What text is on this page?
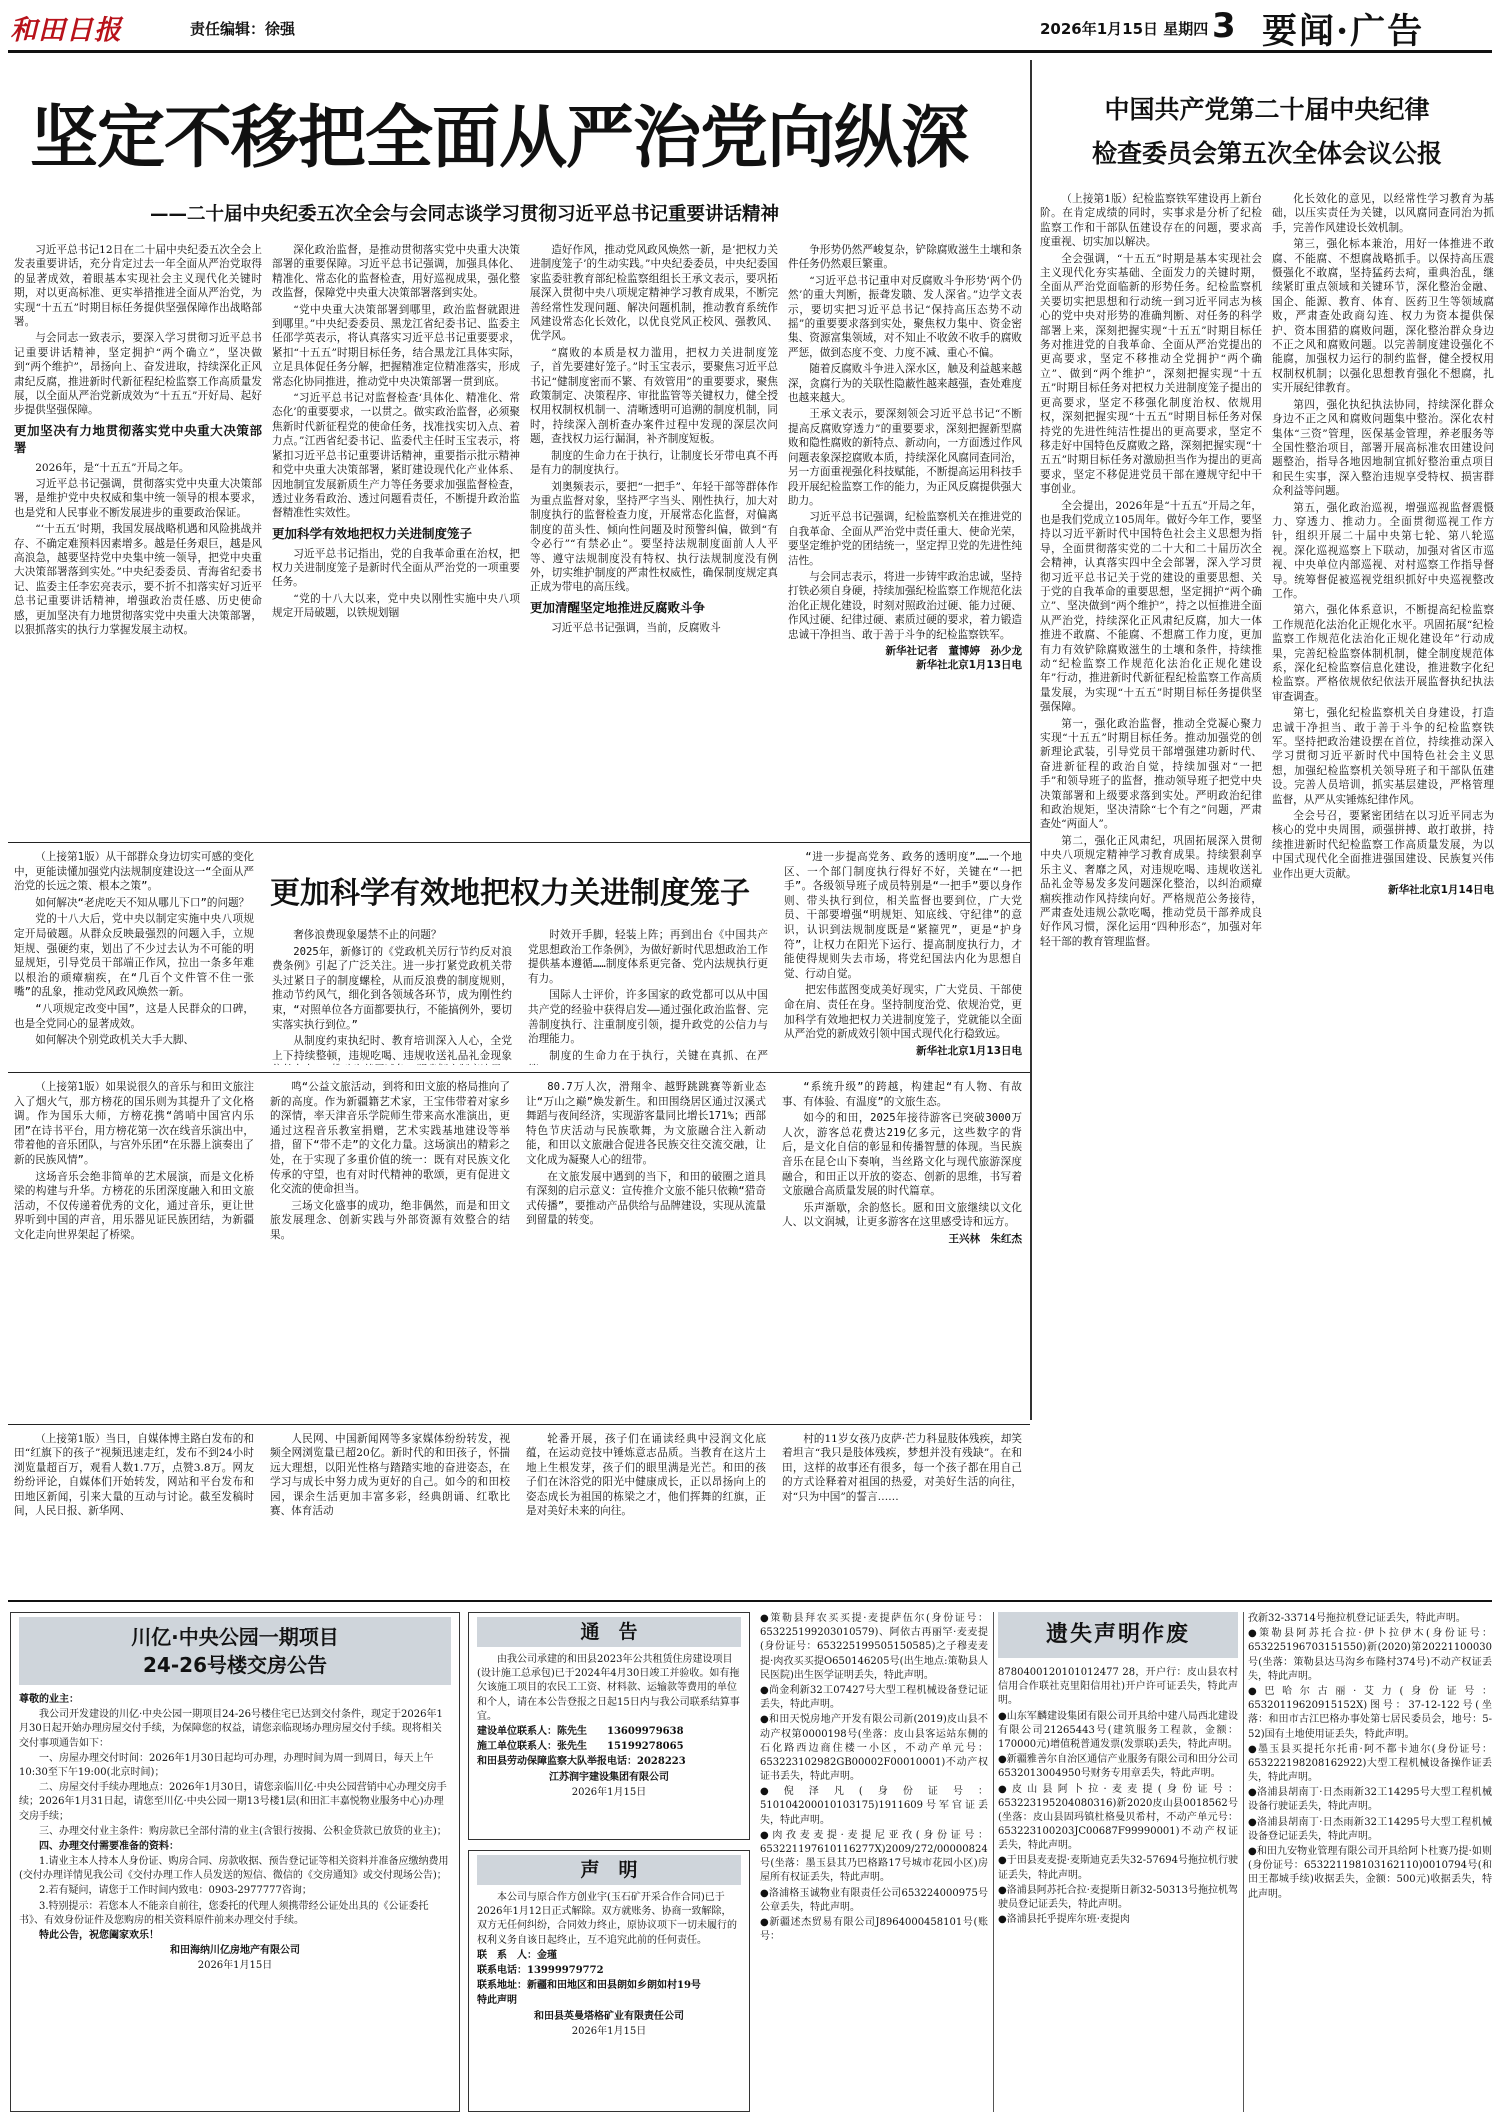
和田日报	责任编辑：徐强	2026年1月15日 星期四 3 要闻·广告
坚定不移把全面从严治党向纵深
——二十届中央纪委五次全会与会同志谈学习贯彻习近平总书记重要讲话精神

习近平总书记12日在二十届中央纪委五次全会上发表重要讲话，充分肯定过去一年全面从严治党取得的显著成效，着眼基本实现社会主义现代化关键时期，对以更高标准、更实举措推进全面从严治党，为实现“十五五”时期目标任务提供坚强保障作出战略部署。

与会同志一致表示，要深入学习贯彻习近平总书记重要讲话精神，坚定拥护“两个确立”，坚决做到“两个维护”，昂扬向上、奋发进取，持续深化正风肃纪反腐，推进新时代新征程纪检监察工作高质量发展，以全面从严治党新成效为“十五五”开好局、起好步提供坚强保障。

更加坚决有力地贯彻落实党中央重大决策部署

2026年，是“十五五”开局之年。

习近平总书记强调，贯彻落实党中央重大决策部署，是维护党中央权威和集中统一领导的根本要求，也是党和人民事业不断发展进步的重要政治保证。

“‘十五五’时期，我国发展战略机遇和风险挑战并存、不确定难预料因素增多。越是任务艰巨，越是风高浪急，越要坚持党中央集中统一领导，把党中央重大决策部署落到实处。”中央纪委委员、青海省纪委书记、监委主任李宏亮表示，要不折不扣落实好习近平总书记重要讲话精神，增强政治责任感、历史使命感，更加坚决有力地贯彻落实党中央重大决策部署，以狠抓落实的执行力掌握发展主动权。

深化政治监督，是推动贯彻落实党中央重大决策部署的重要保障。习近平总书记强调，加强具体化、精准化、常态化的监督检查，用好巡视成果，强化整改监督，保障党中央重大决策部署落到实处。

“党中央重大决策部署到哪里，政治监督就跟进到哪里。”中央纪委委员、黑龙江省纪委书记、监委主任邵学英表示，将认真落实习近平总书记重要要求，紧扣“十五五”时期目标任务，结合黑龙江具体实际，立足具体促任务分解，把握精准定位精准落实，形成常态化协同推进，推动党中央决策部署一贯到底。

“习近平总书记对监督检查‘具体化、精准化、常态化’的重要要求，一以贯之。做实政治监督，必须聚焦新时代新征程党的使命任务，找准找实切入点、着力点。”江西省纪委书记、监委代主任时玉宝表示，将紧扣习近平总书记重要讲话精神，重要指示批示精神和党中央重大决策部署，紧盯建设现代化产业体系、因地制宜发展新质生产力等任务要求加强监督检查，透过业务看政治、透过问题看责任，不断提升政治监督精准性实效性。

更加科学有效地把权力关进制度笼子

习近平总书记指出，党的自我革命重在治权，把权力关进制度笼子是新时代全面从严治党的一项重要任务。

“党的十八大以来，党中央以刚性实施中央八项规定开局破题，以铁规划锢

造好作风，推动党风政风焕然一新，是‘把权力关进制度笼子’的生动实践。”中央纪委委员，中央纪委国家监委驻教育部纪检监察组组长王承文表示，要巩拓展深入贯彻中央八项规定精神学习教育成果，不断完善经常性发现问题、解决问题机制，推动教育系统作风建设常态化长效化，以优良党风正校风、强教风、优学风。

“腐败的本质是权力滥用，把权力关进制度笼子，首先要建好笼子。”时玉宝表示，要聚焦习近平总书记“健制度密而不繁、有效管用”的重要要求，聚焦政策制定、决策程序、审批监管等关键权力，健全授权用权制权机制一、清晰透明可追溯的制度机制，同时，持续深入剖析查办案件过程中发现的深层次问题，查找权力运行漏洞，补齐制度短板。

制度的生命力在于执行，让制度长牙带电真不再是有力的制度执行。

刘奥频表示，要把“一把手”、年轻干部等群体作为重点监督对象，坚持严字当头、刚性执行，加大对制度执行的监督检查力度，开展常态化监督，对偏离制度的苗头性、倾向性问题及时预警纠偏，做到“有令必行”“有禁必止”。要坚持法规制度面前人人平等、遵守法规制度没有特权、执行法规制度没有例外，切实维护制度的严肃性权威性，确保制度规定真正成为带电的高压线。

更加清醒坚定地推进反腐败斗争

习近平总书记强调，当前，反腐败斗

争形势仍然严峻复杂，铲除腐败滋生土壤和条件任务仍然艰巨繁重。

“习近平总书记重申对反腐败斗争形势‘两个仍然’的重大判断，振聋发聩、发人深省。”边学文表示，要切实把习近平总书记“保持高压态势不动摇”的重要要求落到实处，聚焦权力集中、资金密集、资源富集领域，对不知止不收敛不收手的腐败严惩，做到态度不变、力度不减、重心不偏。

随着反腐败斗争进入深水区，触及利益越来越深，贪腐行为的关联性隐蔽性越来越强，查处难度也越来越大。

王承文表示，要深刻领会习近平总书记“不断提高反腐败穿透力”的重要要求，深刻把握新型腐败和隐性腐败的新特点、新动向，一方面透过作风问题表象深挖腐败本质，持续深化风腐同查同治，另一方面重视强化科技赋能，不断提高运用科技手段开展纪检监察工作的能力，为正风反腐提供强大助力。

习近平总书记强调，纪检监察机关在推进党的自我革命、全面从严治党中责任重大、使命光荣，要坚定维护党的团结统一，坚定捍卫党的先进性纯洁性。

与会同志表示，将进一步铸牢政治忠诚，坚持打铁必须自身硬，持续加强纪检监察工作规范化法治化正规化建设，时刻对照政治过硬、能力过硬、作风过硬、纪律过硬、素质过硬的要求，着力锻造忠诚干净担当、敢于善于斗争的纪检监察铁军。

新华社记者　董博婷　孙少龙
新华社北京1月13日电
中国共产党第二十届中央纪律
检查委员会第五次全体会议公报

（上接第1版）纪检监察铁军建设再上新台阶。在肯定成绩的同时，实事求是分析了纪检监察工作和干部队伍建设存在的问题，要求高度重视、切实加以解决。

全会强调，“十五五”时期是基本实现社会主义现代化夯实基础、全面发力的关键时期，全面从严治党面临新的形势任务。纪检监察机关要切实把思想和行动统一到习近平同志为核心的党中央对形势的准确判断、对任务的科学部署上来，深刻把握实现“十五五”时期目标任务对推进党的自我革命、全面从严治党提出的更高要求，坚定不移推动全党拥护“两个确立”、做到“两个维护”，深刻把握实现“十五五”时期目标任务对把权力关进制度笼子提出的更高要求，坚定不移强化制度治权、依规用权，深刻把握实现“十五五”时期目标任务对保持党的先进性纯洁性提出的更高要求，坚定不移走好中国特色反腐败之路，深刻把握实现“十五五”时期目标任务对激励担当作为提出的更高要求，坚定不移促进党员干部在遵规守纪中干事创业。

全会提出，2026年是“十五五”开局之年，也是我们党成立105周年。做好今年工作，要坚持以习近平新时代中国特色社会主义思想为指导，全面贯彻落实党的二十大和二十届历次全会精神，认真落实四中全会部署，深入学习贯彻习近平总书记关于党的建设的重要思想、关于党的自我革命的重要思想，坚定拥护“两个确立”、坚决做到“两个维护”，持之以恒推进全面从严治党，持续深化正风肃纪反腐，加大一体推进不敢腐、不能腐、不想腐工作力度，更加有力有效铲除腐败滋生的土壤和条件，持续推动“纪检监察工作规范化法治化正规化建设年”行动，推进新时代新征程纪检监察工作高质量发展，为实现“十五五”时期目标任务提供坚强保障。

第一，强化政治监督，推动全党凝心聚力实现“十五五”时期目标任务。推动加强党的创新理论武装，引导党员干部增强建功新时代、奋进新征程的政治自觉，持续加强对“一把手”和领导班子的监督，推动领导班子把党中央决策部署和上级要求落到实处。严明政治纪律和政治规矩，坚决清除“七个有之”问题，严肃查处“两面人”。

第二，强化正风肃纪，巩固拓展深入贯彻中央八项规定精神学习教育成果。持续狠刹享乐主义、奢靡之风，对违规吃喝、违规收送礼品礼金等易发多发问题深化整治，以纠治顽瘴痼疾推动作风持续向好。严格规范公务接待，严肃查处违规公款吃喝，推动党员干部养成良好作风习惯，深化运用“四种形态”，加强对年轻干部的教育管理监督。

化长效化的意见，以经常性学习教育为基础，以压实责任为关键，以风腐同查同治为抓手，完善作风建设长效机制。

第三，强化标本兼治，用好一体推进不敢腐、不能腐、不想腐战略抓手。以保持高压震慑强化不敢腐，坚持猛药去疴，重典治乱，继续紧盯重点领域和关键环节，深化整治金融、国企、能源、教育、体育、医药卫生等领域腐败，严肃查处政商勾连、权力为资本提供保护、资本围猎的腐败问题，深化整治群众身边不正之风和腐败问题。以完善制度建设强化不能腐，加强权力运行的制约监督，健全授权用权制权机制；以强化思想教育强化不想腐，扎实开展纪律教育。

第四，强化执纪执法协同，持续深化群众身边不正之风和腐败问题集中整治。深化农村集体“三资”管理，医保基金管理，养老服务等全国性整治项目，部署开展高标准农田建设问题整治，指导各地因地制宜抓好整治重点项目和民生实事，深入整治违规享受特权、损害群众利益等问题。

第五，强化政治巡视，增强巡视监督震慑力、穿透力、推动力。全面贯彻巡视工作方针，组织开展二十届中央第七轮、第八轮巡视。深化巡视巡察上下联动，加强对省区市巡视、中央单位内部巡视、对村巡察工作指导督导。统筹督促被巡视党组织抓好中央巡视整改工作。

第六，强化体系意识，不断提高纪检监察工作规范化法治化正规化水平。巩固拓展“纪检监察工作规范化法治化正规化建设年”行动成果，完善纪检监察体制机制，健全制度规范体系，深化纪检监察信息化建设，推进数字化纪检监察。严格依规依纪依法开展监督执纪执法审查调查。

第七，强化纪检监察机关自身建设，打造忠诚干净担当、敢于善于斗争的纪检监察铁军。坚持把政治建设摆在首位，持续推动深入学习贯彻习近平新时代中国特色社会主义思想，加强纪检监察机关领导班子和干部队伍建设。完善人员培训，抓实基层建设，严格管理监督，从严从实锤炼纪律作风。

全会号召，要紧密团结在以习近平同志为核心的党中央周围，顽强拼搏、敢打敢拼，持续推进新时代纪检监察工作高质量发展，为以中国式现代化全面推进强国建设、民族复兴伟业作出更大贡献。

新华社北京1月14日电
更加科学有效地把权力关进制度笼子

（上接第1版）从干部群众身边切实可感的变化中，更能读懂加强党内法规制度建设这一“全面从严治党的长远之策、根本之策”。

如何解决“老虎吃天不知从哪儿下口”的问题？

党的十八大后，党中央以制定实施中央八项规定开局破题。从群众反映最强烈的问题入手，立规矩规、强硬约束，划出了不少过去认为不可能的明显规矩，引导党员干部端正作风，拉出一条多年难以根治的顽瘴痼疾，在“几百个文件管不住一张嘴”的乱象，推动党风政风焕然一新。

“八项规定改变中国”，这是人民群众的口碑，也是全党同心的显著成效。

如何解决个别党政机关大手大脚、

奢侈浪费现象屡禁不止的问题？

2025年，新修订的《党政机关厉行节约反对浪费条例》引起了广泛关注。进一步打紧党政机关带头过紧日子的制度螺栓，从而反浪费的制度规则，推动节约风气，细化到各领域各环节，成为刚性约束，“对照单位各方面都要执行，不能搞例外，要切实落实执行到位。”

从制度约束执纪时、教育培训深入人心，全党上下持续整顿，违规吃喝、违规收送礼品礼金现象

时效开手脚，轻装上阵；再到出台《中国共产党思想政治工作条例》，为做好新时代思想政治工作提供基本遵循……制度体系更完备、党内法规执行更有力。

国际人士评价，许多国家的政党都可以从中国共产党的经验中获得启发——通过强化政治监督、完善制度执行、注重制度引领，提升政党的公信力与治理能力。

制度的生命力在于执行，关键在真抓、在严

“进一步提高党务、政务的透明度”……一个地区、一个部门制度执行得好不好，关键在“一把手”。各级领导班子成员特别是“一把手”要以身作则、带头执行到位，相关监督也要到位，广大党员、干部要增强“明规矩、知底线、守纪律”的意识，认识到法规制度既是“紧箍咒”，更是“护身符”，让权力在阳光下运行、提高制度执行力，才能使得规则失去市场，将党纪国法内化为思想自觉、行动自觉。

把宏伟蓝图变成美好现实，广大党员、干部使命在肩、责任在身。坚持制度治党、依规治党，更加科学有效地把权力关进制度笼子，党就能以全面从严治党的新成效引领中国式现代化行稳致远。

新华社北京1月13日电

（上接第1版）如果说很久的音乐与和田文旅注入了烟火气，那方榜花的国乐则为其提升了文化格调。作为国乐大师，方榜花携“鸽哨中国宫内乐团”在诗书平台，用方榜花第一次在线音乐演出中，带着他的音乐团队，与宫外乐团“在乐器上演奏出了新的民族风情”。

这场音乐会绝非简单的艺术展演，而是文化桥梁的构建与升华。方榜花的乐团深度融入和田文旅活动，不仅传递着优秀的文化，通过音乐，更让世界听到中国的声音，用乐器见证民族团结，为新疆文化走向世界架起了桥梁。

鸣“公益文旅活动，到将和田文旅的格局推向了新的高度。作为新疆籍艺术家，王宝伟带着对家乡的深情，率天津音乐学院师生带来高水准演出，更通过这程音乐教室捐赠，艺术实践基地建设等举措，留下“带不走”的文化力量。这场演出的精彩之处，在于实现了多重价值的统一：既有对民族文化传承的守望，也有对时代精神的歌颂，更有促进文化交流的使命担当。

三场文化盛事的成功，绝非偶然，而是和田文旅发展理念、创新实践与外部资源有效整合的结果。

80.7万人次，滑翔伞、越野跳跳赛等新业态让“万山之巅”焕发新生。和田围绕居区通过汉溪式舞蹈与夜间经济，实现游客量同比增长171%；西部特色节庆活动与民族歌舞，为文旅融合注入新动能，和田以文旅融合促进各民族交往交流交融，让文化成为凝聚人心的纽带。

在文旅发展中遇到的当下，和田的破圈之道具有深刻的启示意义：宣传推介文旅不能只依赖“猎奇式传播”，要推动产品供给与品牌建设，实现从流量到留量的转变。

“系统升级”的跨越，构建起“有人物、有故事、有体验、有温度”的文旅生态。

如今的和田，2025年接待游客已突破3000万人次，游客总花费达219亿多元，这些数字的背后，是文化自信的彰显和传播智慧的体现。当民族音乐在昆仑山下奏响，当丝路文化与现代旅游深度融合，和田正以开放的姿态、创新的思维，书写着文旅融合高质量发展的时代篇章。

乐声渐歇，余韵悠长。愿和田文旅继续以文化人、以文润城，让更多游客在这里感受诗和远方。

王兴林　朱红杰

（上接第1版）当日，自媒体博主路白发布的和田“红旗下的孩子”视频迅速走红，发布不到24小时浏览量超百万，观看人数1.7万，点赞3.8万。网友纷纷评论，自媒体们开始转发，网站和平台发布和田地区新闻，引来大量的互动与讨论。截至发稿时间，人民日报、新华网、

人民网、中国新闻网等多家媒体纷纷转发，视频全网浏览量已超20亿。新时代的和田孩子，怀揣远大理想，以阳光性格与踏踏实地的奋进姿态，在学习与成长中努力成为更好的自己。如今的和田校园，课余生活更加丰富多彩，经典朗诵、红歌比赛、体育活动

轮番开展，孩子们在诵读经典中浸润文化底蕴，在运动竞技中锤炼意志品质。当教育在这片土地上生根发芽，孩子们的眼里满是光芒。和田的孩子们在沐浴党的阳光中健康成长，正以昂扬向上的姿态成长为祖国的栋梁之才，他们挥舞的红旗，正是对美好未来的向往。

村的11岁女孩乃皮萨·芒力科显肢体残疾，却笑着坦言“我只是肢体残疾，梦想并没有残缺”。在和田，这样的故事还有很多，每一个孩子都在用自己的方式诠释着对祖国的热爱，对美好生活的向往，对“只为中国”的誓言……

川亿·中央公园一期项目
24-26号楼交房公告

尊敬的业主：

我公司开发建设的川亿·中央公园一期项目24-26号楼住宅已达到交付条件，现定于2026年1月30日起开始办理房屋交付手续，为保障您的权益，请您亲临现场办理房屋交付手续。现将相关交付事项通告如下：

一、房屋办理交付时间：2026年1月30日起均可办理，办理时间为周一到周日，每天上午10:30至下午19:00(北京时间)；

二、房屋交付手续办理地点：2026年1月30日，请您亲临川亿·中央公园营销中心办理交房手续；2026年1月31日起，请您至川亿·中央公园一期13号楼1层(和田汇丰嘉悦物业服务中心)办理交房手续；

三、办理交付业主条件：购房款已全部付清的业主(含银行按揭、公积金贷款已放贷的业主)；

四、办理交付需要准备的资料：

1.请业主本人持本人身份证、购房合同、房款收据、预告登记证等相关资料并准备应缴纳费用(交付办理详情见我公司《交付办理工作人员发送的短信、微信的《交房通知》或交付现场公告)；

2.若有疑问，请您于工作时间内致电：0903-2977777咨询；

3.特别提示：若您本人不能亲自前往，您委托的代理人须携带经公证处出具的《公证委托书》、有效身份证件及您购房的相关资料原件前来办理交付手续。

特此公告，祝您阖家欢乐！

和田海纳川亿房地产有限公司

2026年1月15日

通　告

由我公司承建的和田县2023年公共租赁住房建设项目(设计施工总承包)已于2024年4月30日竣工并验收。如有拖欠该施工项目的农民工工资、材料款、运输款等费用的单位和个人，请在本公告登报之日起15日内与我公司联系结算事宜。

建设单位联系人：陈先生　　13609979638

施工单位联系人：张先生　　15199278065

和田县劳动保障监察大队举报电话：2028223

江苏润宇建设集团有限公司

2026年1月15日

声　明

本公司与原合作方创业宇(玉石矿开采合作合同)已于2026年1月12日正式解除。双方就账务、协商一致解除，双方无任何纠纷，合同效力终止，原协议项下一切未履行的权利义务自该日起终止，互不追究此前的任何责任。

联　系　人：金瑾

联系电话：13999979772

联系地址：新疆和田地区和田县朗如乡朗如村19号

特此声明

和田县英曼塔格矿业有限责任公司

2026年1月15日

●策勒县拜农买买提·麦提萨伍尔(身份证号：653225199203010579)、阿依古再丽罕·麦麦提(身份证号：653225199505150585)之子穆麦麦提·肉孜买买提O650146205号(出生地点:策勒县人民医院)出生医学证明丢失，特此声明。

●尚金利新32工07427号大型工程机械设备登记证丢失，特此声明。

●和田天悦房地产开发有限公司新(2019)皮山县不动产权第0000198号(坐落：皮山县客运站东侧的石化路西边商住楼一小区，不动产单元号：653223102982GB00002F00010001)不动产权证书丢失，特此声明。

●倪泽凡(身份证号：510104200010103175)1911609号军官证丢失，特此声明。

●肉孜麦麦提·麦提尼亚孜(身份证号：653221197610116277X)2009/272/00000824号(坐落：墨玉县其乃巴格路17号城市花园小区)房屋所有权证丢失，特此声明。

●洛浦格玉诚物业有限责任公司653224000975号公章丢失，特此声明。

●新疆述杰贸易有限公司J8964000458101号(账号：

遗失声明作废

8780400120101012477 28，开户行：皮山县农村信用合作联社克里阳信用社)开户许可证丢失，特此声明。

●山东军麟建设集团有限公司开具给中建八局西北建设有限公司21265443号(建筑服务工程款，金额：170000元)增值税普通发票(发票联)丢失，特此声明。

●新疆雅善尔自治区通信产业服务有限公司和田分公司6532013004950号财务专用章丢失，特此声明。

●皮山县阿卜拉·麦麦提(身份证号：653223195204080316)新2020皮山县0018562号(坐落：皮山县固玛镇杜格曼贝希村，不动产单元号：653223100203JC00687F99990001)不动产权证丢失，特此声明。

●于田县麦麦提·麦斯迪克丢失32-57694号拖拉机行驶证丢失，特此声明。

●洛浦县阿苏托合拉·麦提斯日新32-50313号拖拉机驾驶员登记证丢失，特此声明。

●洛浦县托乎提库尔班·麦提肉

孜新32-33714号拖拉机登记证丢失，特此声明。

●策勒县阿苏托合拉·伊卜拉伊木(身份证号：653225196703151550)新(2020)第20221100030号(坐落：策勒县达马沟乡布隆村374号)不动产权证丢失，特此声明。

●巴哈尔古丽·艾力(身份证号：65320119620915152X)图号：37-12-122号(坐落：和田市古江巴格办事处第七居民委员会，地号：5-52)国有土地使用证丢失，特此声明。

●墨玉县买提托尔托甫·阿不都卡迪尔(身份证号：653222198208162922)大型工程机械设备操作证丢失，特此声明。

●洛浦县胡南丁·日杰雨新32工14295号大型工程机械设备行驶证丢失，特此声明。

●洛浦县胡南丁·日杰雨新32工14295号大型工程机械设备登记证丢失，特此声明。

●和田九安物业管理有限公司开具给阿卜杜赛乃提·如则(身份证号：653221198103162110)0010794号(和田王都城手续)收据丢失，金额：500元)收据丢失，特此声明。
